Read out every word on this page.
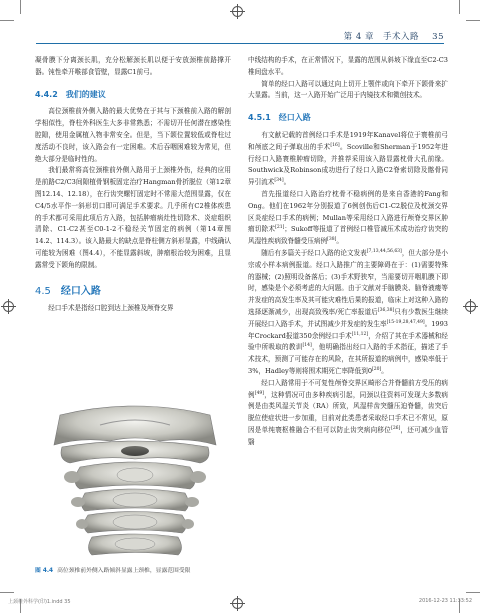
第 4 章　手术入路 35

凝骨膜下分离颈长肌，充分松解颈长肌以便于安放颈椎前路撑开器。钝性牵开喉部食管壁，显露C1前弓。

4.4.2　我们的建议

高位颈椎前外侧入路的最大优势在于其与下颈椎前入路的解剖学相似性，脊柱外科医生大多非常熟悉；不需切开任何潜在感染性腔隙，使用金属植入物非常安全。但是，当下颌位置较低或脊柱过度活动不良时，该入路会有一定困难。术后吞咽困难较为常见，但绝大部分是临时性的。

我们最常将高位颈椎前外侧入路用于上颈椎外伤，经典的应用是前路C2/C3间隙植骨钢板固定治疗Hangman骨折脱位（第12章图12.14、12.18），在行齿突螺钉固定时不常需大范围显露，仅在C4/5水平作一斜形切口即可满足手术要求。几乎所有C2椎体疾患的手术都可采用此项后方入路，包括肿瘤病灶性切除术、炎症组织清除、C1-C2甚至C0-1-2不稳经关节固定的病例（第14章图14.2、114.3）。该入路最大的缺点是脊柱侧方斜形显露，中线确认可能较为困难（图4.4），不能显露斜坡，肿瘤根治较为困难，且显露常受下颌角的限制。

4.5 经口入路

经口手术是指经口腔到达上颈椎及颅脊交界

图 4.4 高位颈椎前外侧入路倾斜显露上颈椎，显露范围受限

中线结构的手术，在正常情况下，显露的范围从斜坡下缘直至C2-C3椎间盘水平。

简单的经口入路可以通过向上切开上颚伴或向下牵开下颌骨来扩大显露。当前，这一入路开始广泛用于内镜技术和微创技术。

4.5.1　经口入路

有文献记载的首例经口手术是1919年Kanavel将位于寰椎前弓和颅底之间子弹取出的手术[16]。Scoville和Sherman于1952年进行经口入路寰椎肿瘤切除，并推荐采用该入路显露枕骨大孔前缘。Southwick及Robinson成功进行了经口入路C2脊索切除及髂骨同异引流术[34]。

首先报道经口入路治疗枕骨不稳病例的是来自香港的Fang和Ong。他们在1962年分别报道了6例创伤后C1-C2脱位及枕颈交界区炎症经口手术的病例；Mullan等采用经口入路进行颅脊交界区肿瘤切除术[21]；Sukoff等报道了首例经口椎管减压术成功治疗齿突的风湿性疾病致脊髓受压病例[38]。

随后有多篇关于经口入路的论文发表[7,13,44,56,63]，但大部分是小宗或小样本病例报道。经口入路推广的主要障碍在于：(1)需要特殊的器械；(2)照明设备落后；(3)手术野狭窄，当需要切开咽肌膜下即时，感染是个必须考虑的大问题。由于文献对手脑膜炎、脑脊液瘘等并发症的高发生率及其可能灾难性后果的报道，临床上对这种入路的选择逐渐减少，出现高致残率/死亡率报道后[36,38]只有少数医生继续开展经口入路手术，并试图减少并发症的发生率[15-19,28,47,49]。1993年Crockard报道350余例经口手术[11,12]，介绍了其在手术器械和经验中所吸取的教训[14]，他明确指出经口入路的手术指征，描述了手术技术，预测了可能存在的风险，在其所报道的病例中，感染率低于3%，Hadley等则将围术期死亡率降低到0[20]。

经口入路常用于不可复性颅脊交界区畸形合并脊髓前方受压的病例[49]，这种情况可由多种疾病引起，同颈以往资料可发现大多数病例是由类风湿关节炎（RA）所致，风湿样齿突髓压迫脊髓，齿突后脱位使症状进一步加重，目前对此类患者采取经口手术已不常见，原因是单纯寰枢椎融合不但可以防止齿突病向移位[26]，还可减少血管翳

上颈椎外科学(印)1.indd 35	2016-12-23 11:33:52
